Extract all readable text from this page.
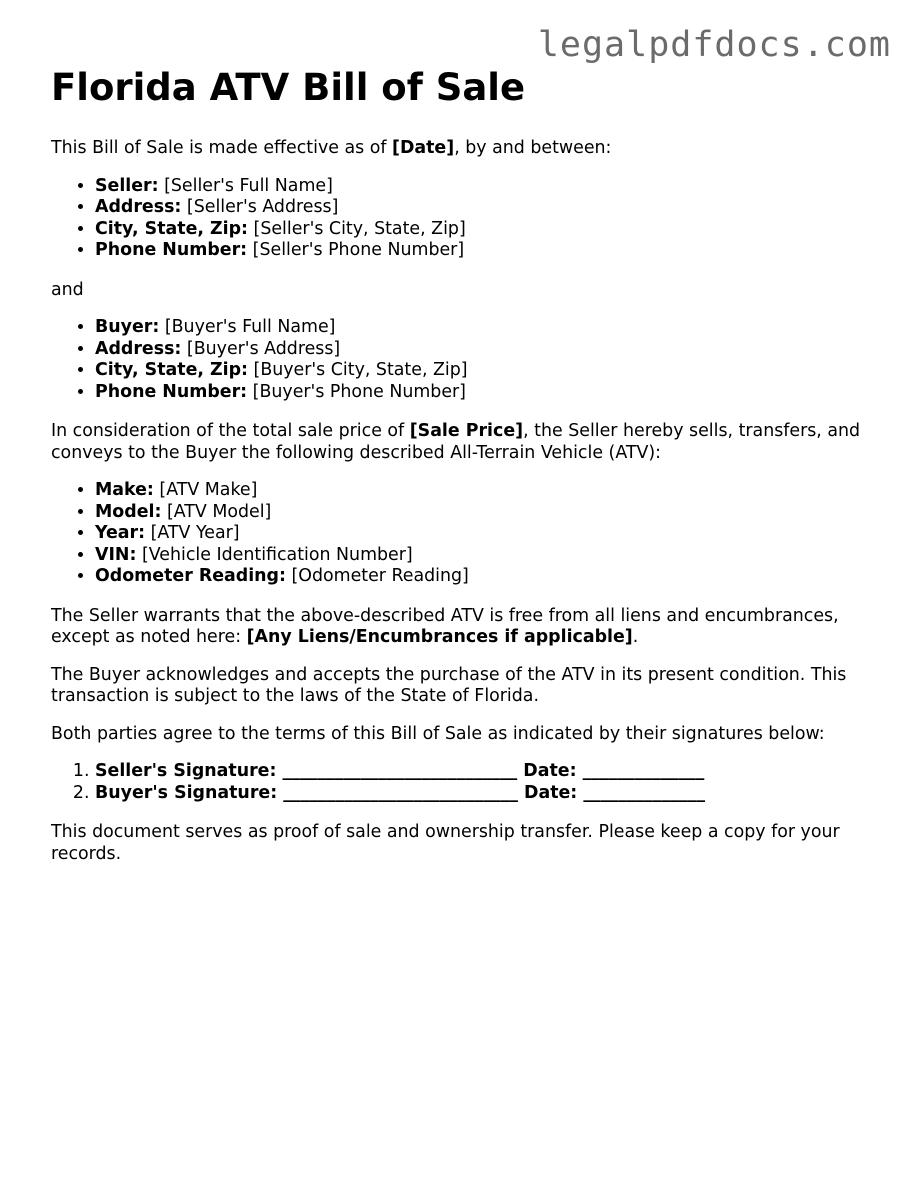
legalpdfdocs.com
Florida ATV Bill of Sale

This Bill of Sale is made effective as of [Date], by and between:

• Seller: [Seller's Full Name]
• Address: [Seller's Address]
• City, State, Zip: [Seller's City, State, Zip]
• Phone Number: [Seller's Phone Number]

and

• Buyer: [Buyer's Full Name]
• Address: [Buyer's Address]
• City, State, Zip: [Buyer's City, State, Zip]
• Phone Number: [Buyer's Phone Number]

In consideration of the total sale price of [Sale Price], the Seller hereby sells, transfers, and conveys to the Buyer the following described All-Terrain Vehicle (ATV):

• Make: [ATV Make]
• Model: [ATV Model]
• Year: [ATV Year]
• VIN: [Vehicle Identification Number]
• Odometer Reading: [Odometer Reading]

The Seller warrants that the above-described ATV is free from all liens and encumbrances, except as noted here: [Any Liens/Encumbrances if applicable].

The Buyer acknowledges and accepts the purchase of the ATV in its present condition. This transaction is subject to the laws of the State of Florida.

Both parties agree to the terms of this Bill of Sale as indicated by their signatures below:

1. Seller's Signature: ___________________________ Date: ______________
2. Buyer's Signature: ___________________________ Date: ______________

This document serves as proof of sale and ownership transfer. Please keep a copy for your records.
